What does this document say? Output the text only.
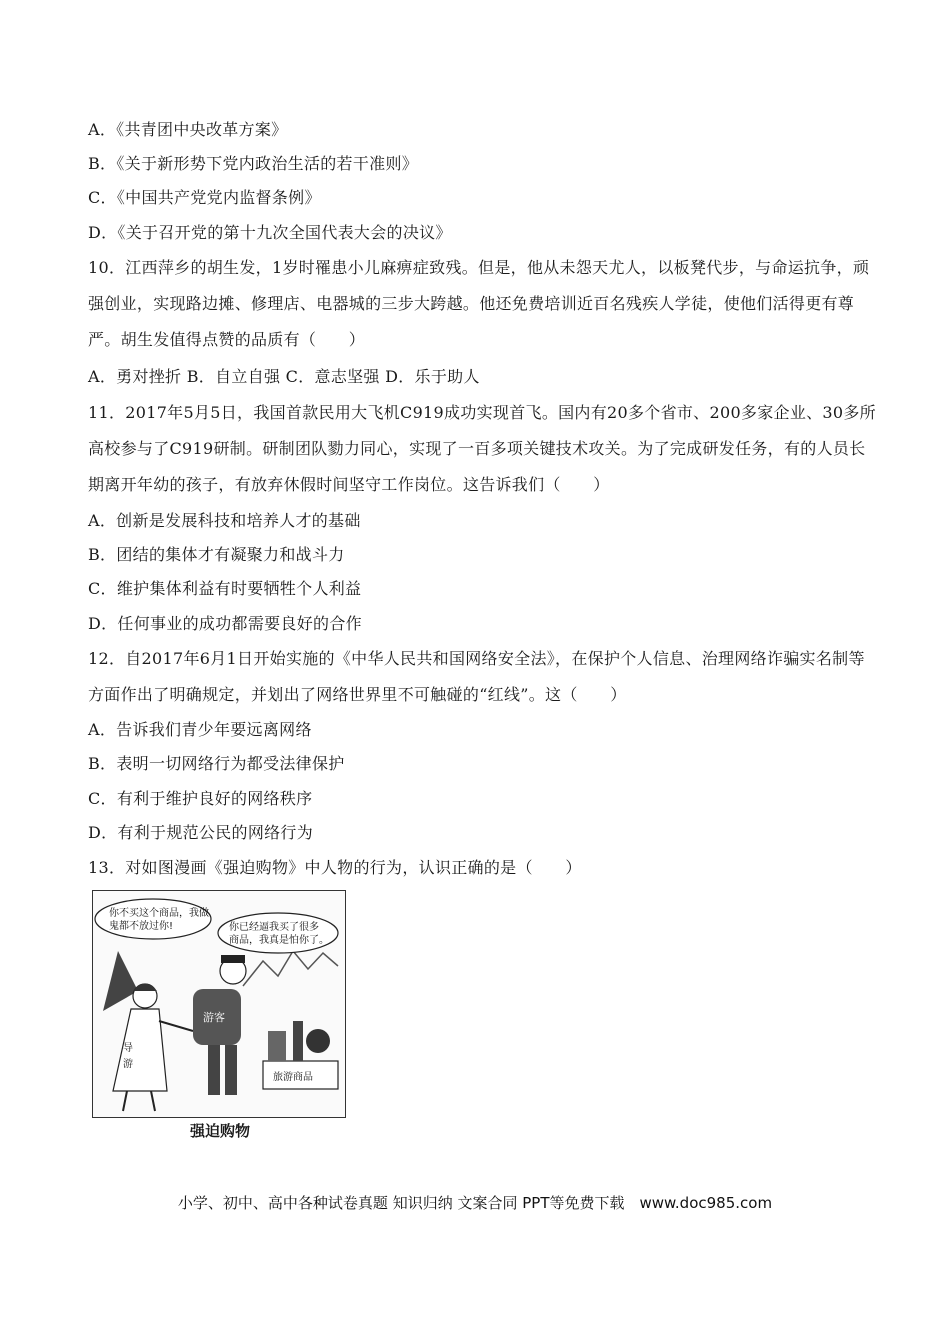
A．《共青团中央改革方案》
B．《关于新形势下党内政治生活的若干准则》
C．《中国共产党党内监督条例》
D．《关于召开党的第十九次全国代表大会的决议》
10．江西萍乡的胡生发，1岁时罹患小儿麻痹症致残。但是，他从未怨天尤人，以板凳代步，与命运抗争，顽强创业，实现路边摊、修理店、电器城的三步大跨越。他还免费培训近百名残疾人学徒，使他们活得更有尊严。胡生发值得点赞的品质有（　　）
A．勇对挫折 B．自立自强 C．意志坚强 D．乐于助人
11．2017年5月5日，我国首款民用大飞机C919成功实现首飞。国内有20多个省市、200多家企业、30多所高校参与了C919研制。研制团队勠力同心，实现了一百多项关键技术攻关。为了完成研发任务，有的人员长期离开年幼的孩子，有放弃休假时间坚守工作岗位。这告诉我们（　　）
A．创新是发展科技和培养人才的基础
B．团结的集体才有凝聚力和战斗力
C．维护集体利益有时要牺牲个人利益
D．任何事业的成功都需要良好的合作
12．自2017年6月1日开始实施的《中华人民共和国网络安全法》，在保护个人信息、治理网络诈骗实名制等方面作出了明确规定，并划出了网络世界里不可触碰的“红线”。这（　　）
A．告诉我们青少年要远离网络
B．表明一切网络行为都受法律保护
C．有利于维护良好的网络秩序
D．有利于规范公民的网络行为
13．对如图漫画《强迫购物》中人物的行为，认识正确的是（　　）
你不买这个商品，我做
鬼都不放过你!	你已经逼我买了很多
商品，我真是怕你了。
导
游
游客
旅游商品
强迫购物
小学、初中、高中各种试卷真题 知识归纳 文案合同 PPT等免费下载　www.doc985.com
